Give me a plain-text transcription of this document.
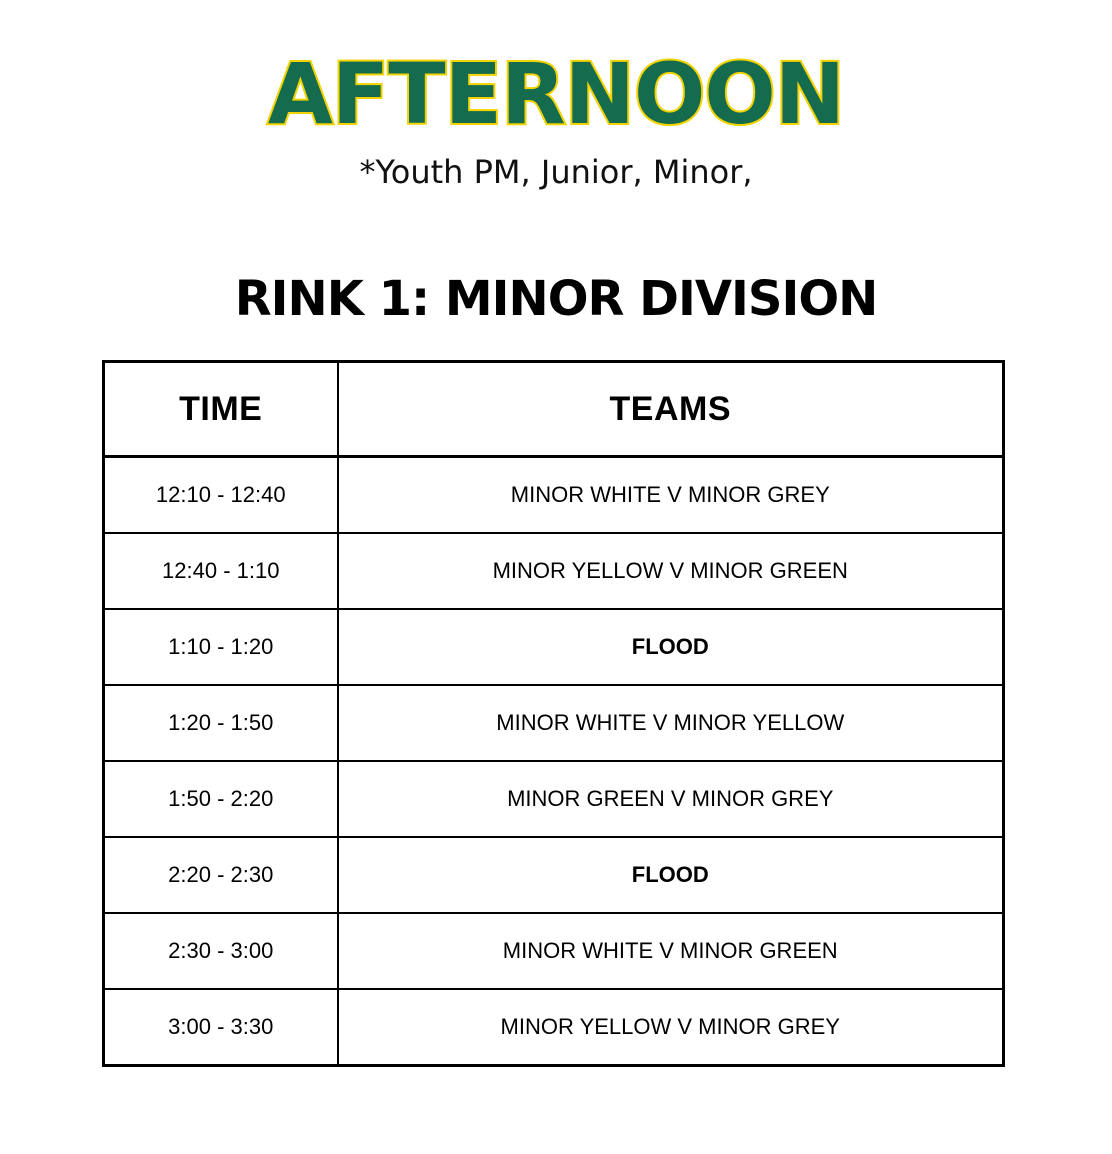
AFTERNOON
*Youth PM, Junior, Minor,
RINK 1: MINOR DIVISION
TIME	TEAMS
12:10 - 12:40	MINOR WHITE V MINOR GREY
12:40 - 1:10	MINOR YELLOW V MINOR GREEN
1:10 - 1:20	FLOOD
1:20 - 1:50	MINOR WHITE V MINOR YELLOW
1:50 - 2:20	MINOR GREEN V MINOR GREY
2:20 - 2:30	FLOOD
2:30 - 3:00	MINOR WHITE V MINOR GREEN
3:00 - 3:30	MINOR YELLOW V MINOR GREY
